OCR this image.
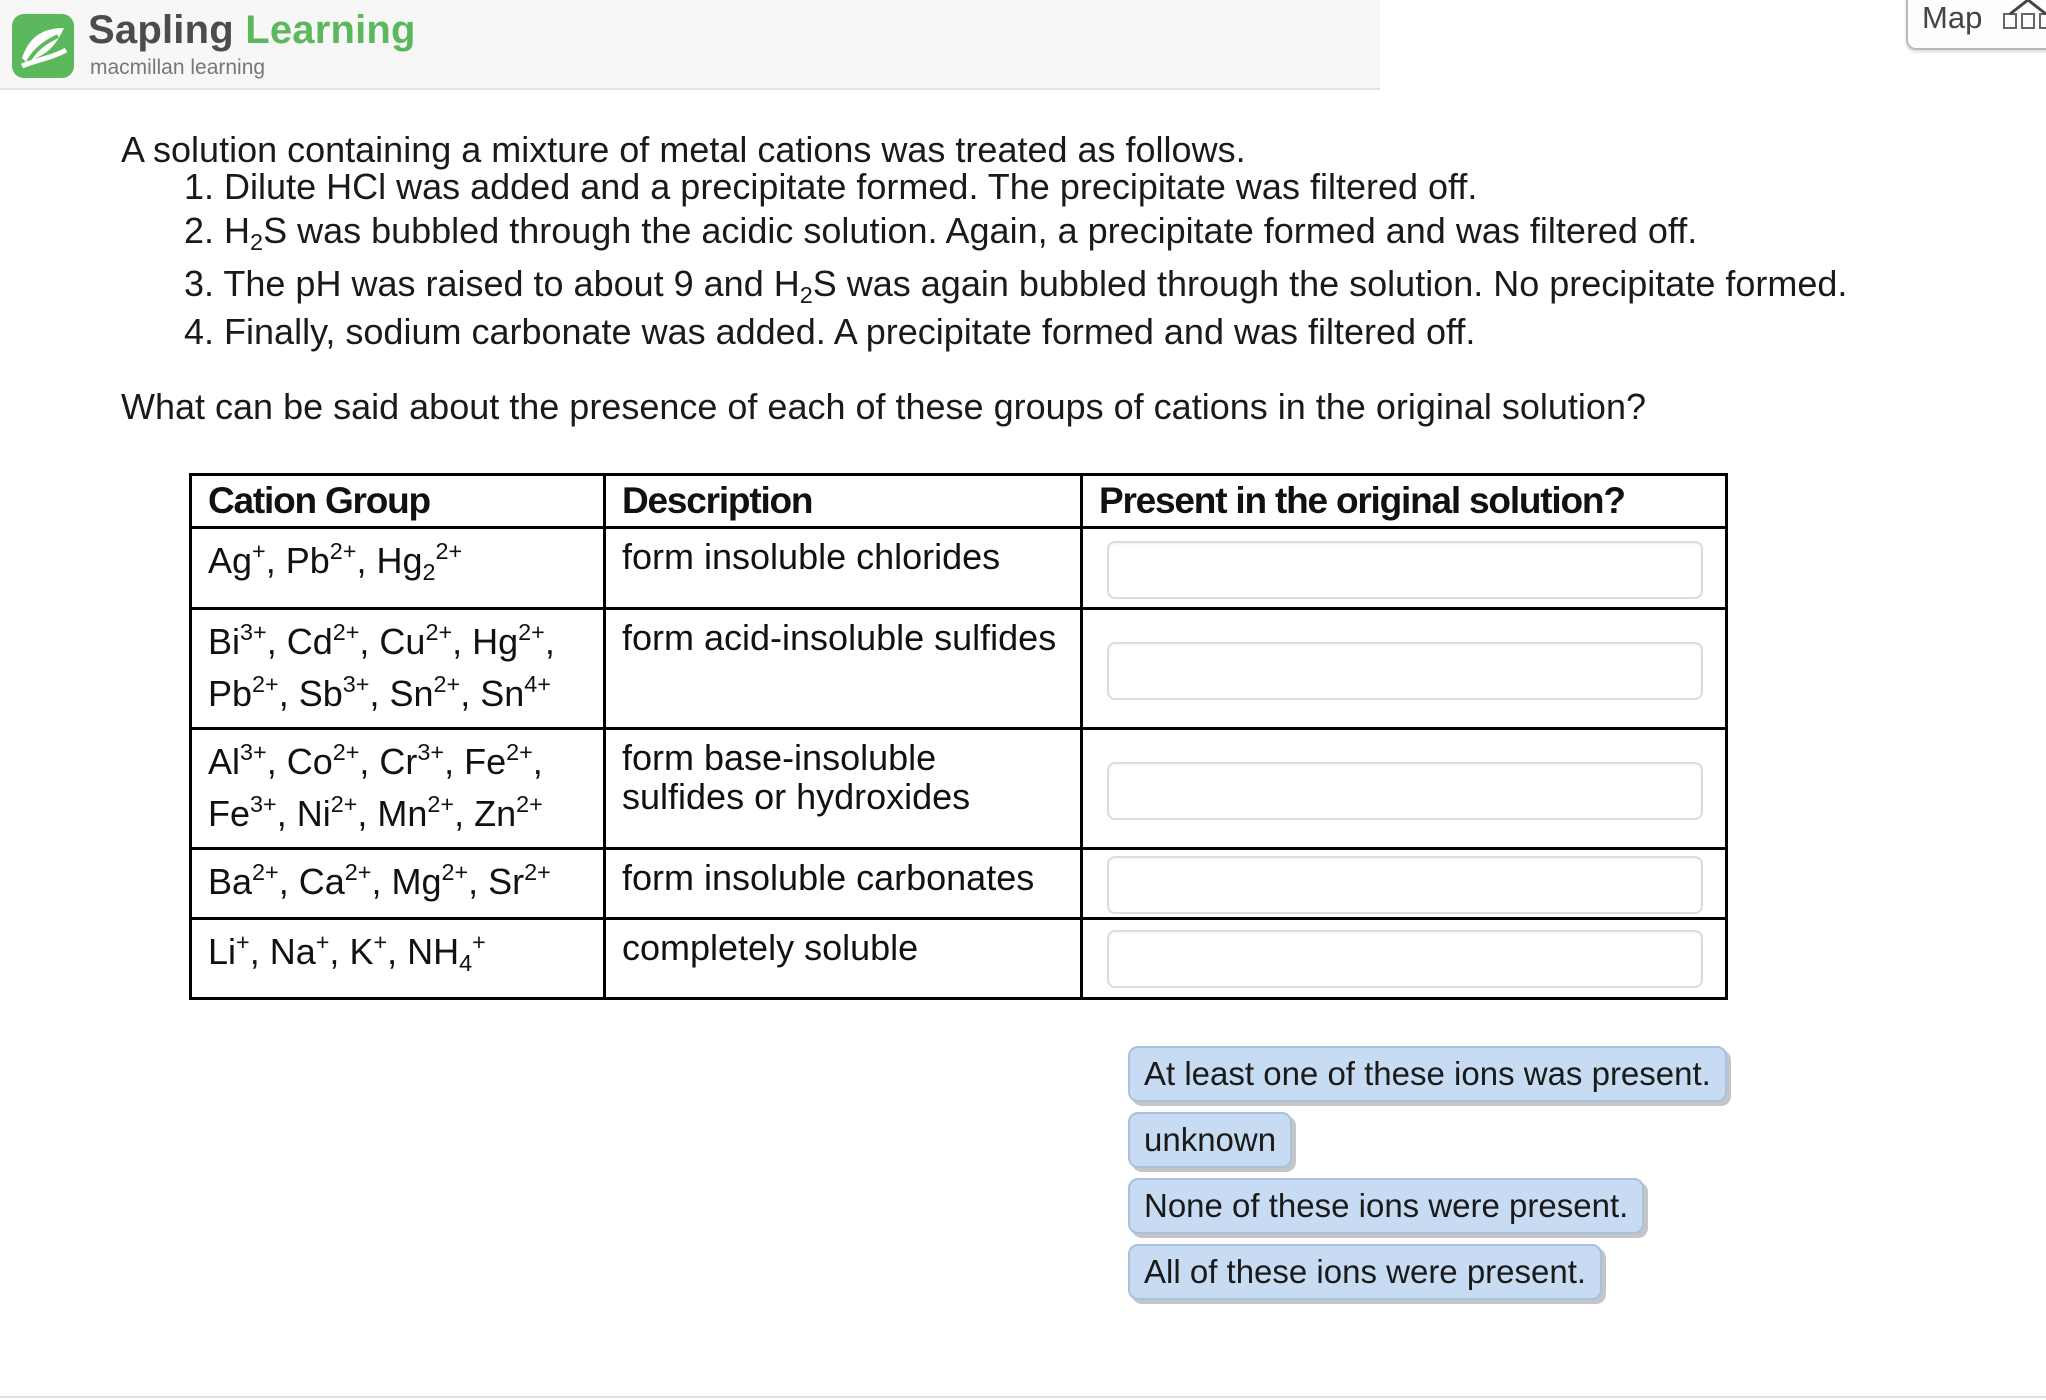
Sapling Learning
macmillan learning
Map
A solution containing a mixture of metal cations was treated as follows.
1. Dilute HCl was added and a precipitate formed. The precipitate was filtered off.
2. $H_2S$ was bubbled through the acidic solution. Again, a precipitate formed and was filtered off.
3. The pH was raised to about 9 and $H_2S$ was again bubbled through the solution. No precipitate formed.
4. Finally, sodium carbonate was added. A precipitate formed and was filtered off.
What can be said about the presence of each of these groups of cations in the original solution?
Cation Group	Description	Present in the original solution?

Ag+, $Pb^{2+}$, $Hg_2^{2+}$	form insoluble chlorides	

$Bi^{3+}$, $Cd^{2+}$, $Cu^{2+}$, $Hg^{2+}$,
$Pb^{2+}$, $Sb^{3+}$, $Sn^{2+}$, $Sn^{4+}$	form acid-insoluble sulfides	

$Al^{3+}$, $Co^{2+}$, $Cr^{3+}$, $Fe^{2+}$,
$Fe^{3+}$, $Ni^{2+}$, $Mn^{2+}$, $Zn^{2+}$	form base-insoluble sulfides or hydroxides	

$Ba^{2+}$, $Ca^{2+}$, $Mg^{2+}$, $Sr^{2+}$	form insoluble carbonates	

Li+, Na+, K+, $NH_4^+$	completely soluble	

At least one of these ions was present.
unknown
None of these ions were present.
All of these ions were present.
